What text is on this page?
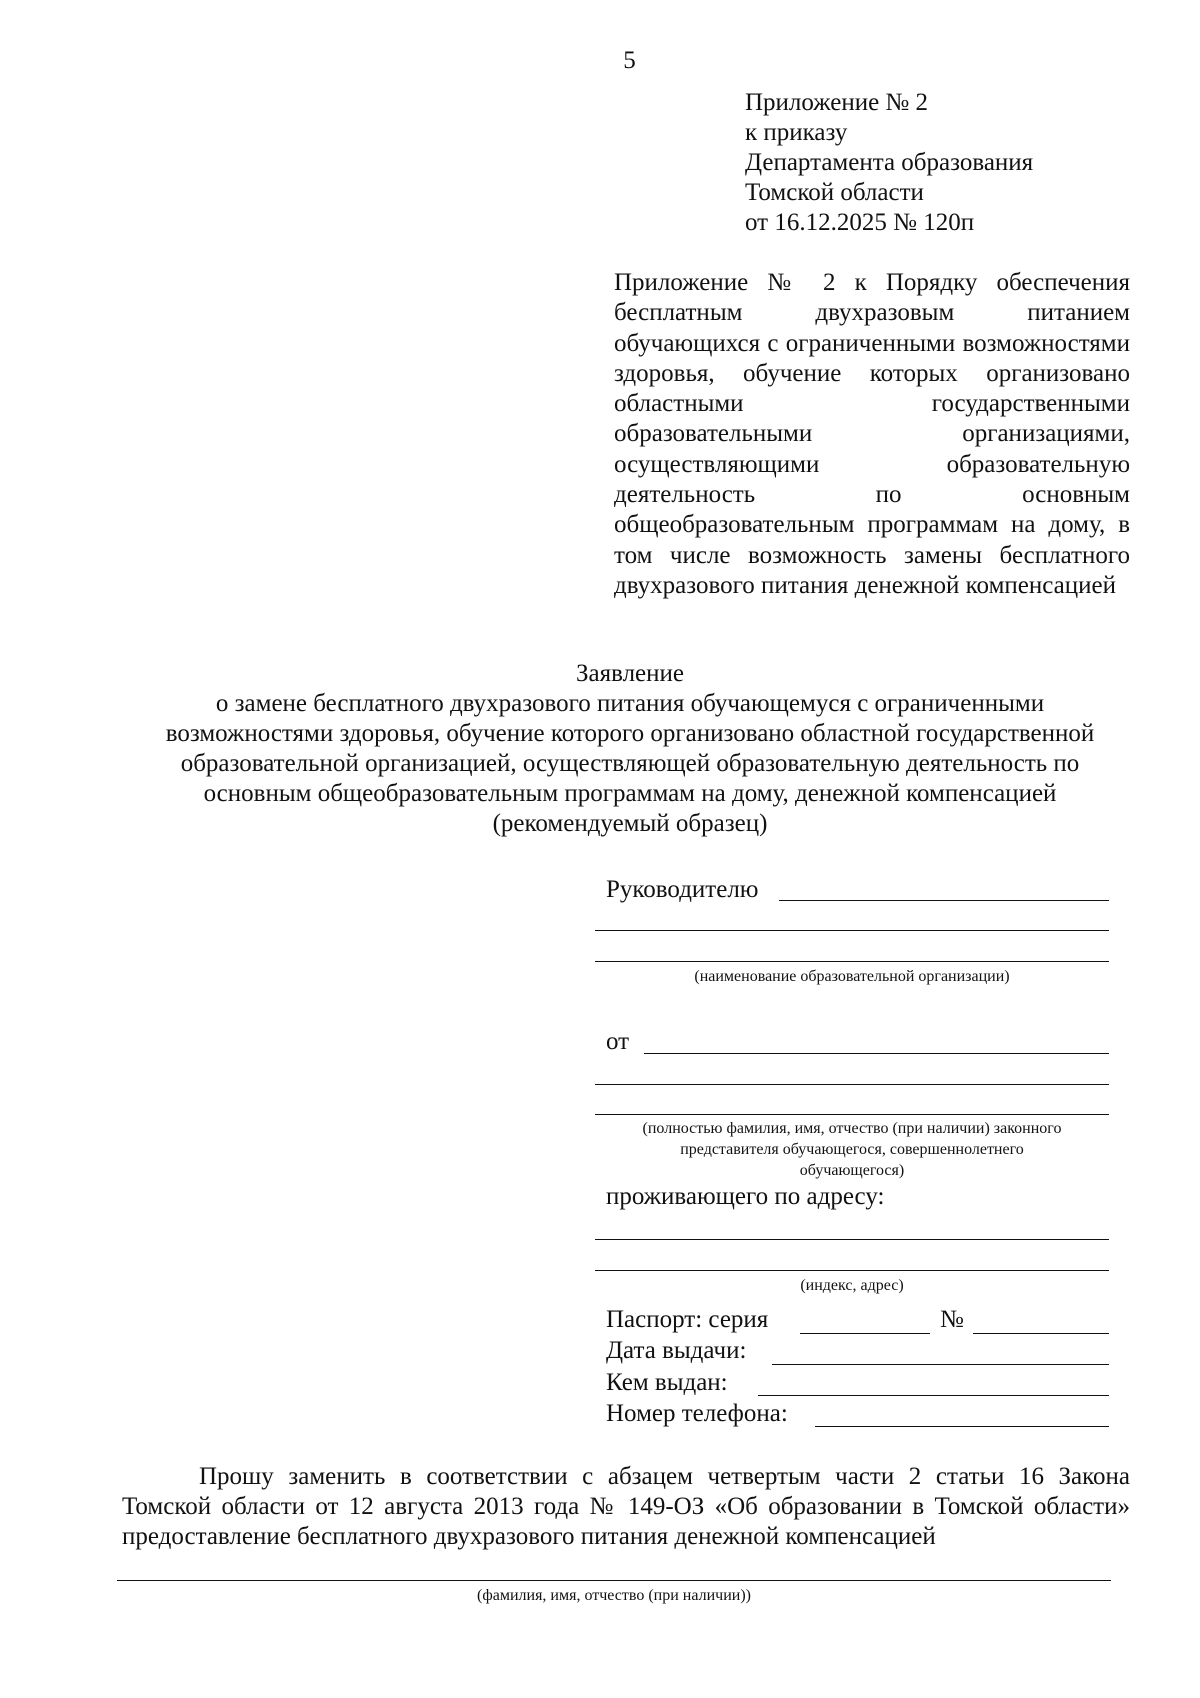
5
Приложение № 2
к приказу
Департамента образования
Томской области
от 16.12.2025 № 120п
Приложение № 2 к Порядку обеспечения бесплатным двухразовым питанием обучающихся с ограниченными возможностями здоровья, обучение которых организовано областными государственными образовательными организациями, осуществляющими образовательную деятельность по основным общеобразовательным программам на дому, в том числе возможность замены бесплатного двухразового питания денежной компенсацией
Заявление
о замене бесплатного двухразового питания обучающемуся с ограниченными
возможностями здоровья, обучение которого организовано областной государственной
образовательной организацией, осуществляющей образовательную деятельность по
основным общеобразовательным программам на дому, денежной компенсацией
(рекомендуемый образец)
Руководителю
(наименование образовательной организации)
от
(полностью фамилия, имя, отчество (при наличии) законного
представителя обучающегося, совершеннолетнего
обучающегося)
проживающего по адресу:
(индекс, адрес)
Паспорт: серия	№
Дата выдачи:
Кем выдан:
Номер телефона:
Прошу заменить в соответствии с абзацем четвертым части 2 статьи 16 Закона Томской области от 12 августа 2013 года № 149-ОЗ «Об образовании в Томской области» предоставление бесплатного двухразового питания денежной компенсацией
(фамилия, имя, отчество (при наличии))
